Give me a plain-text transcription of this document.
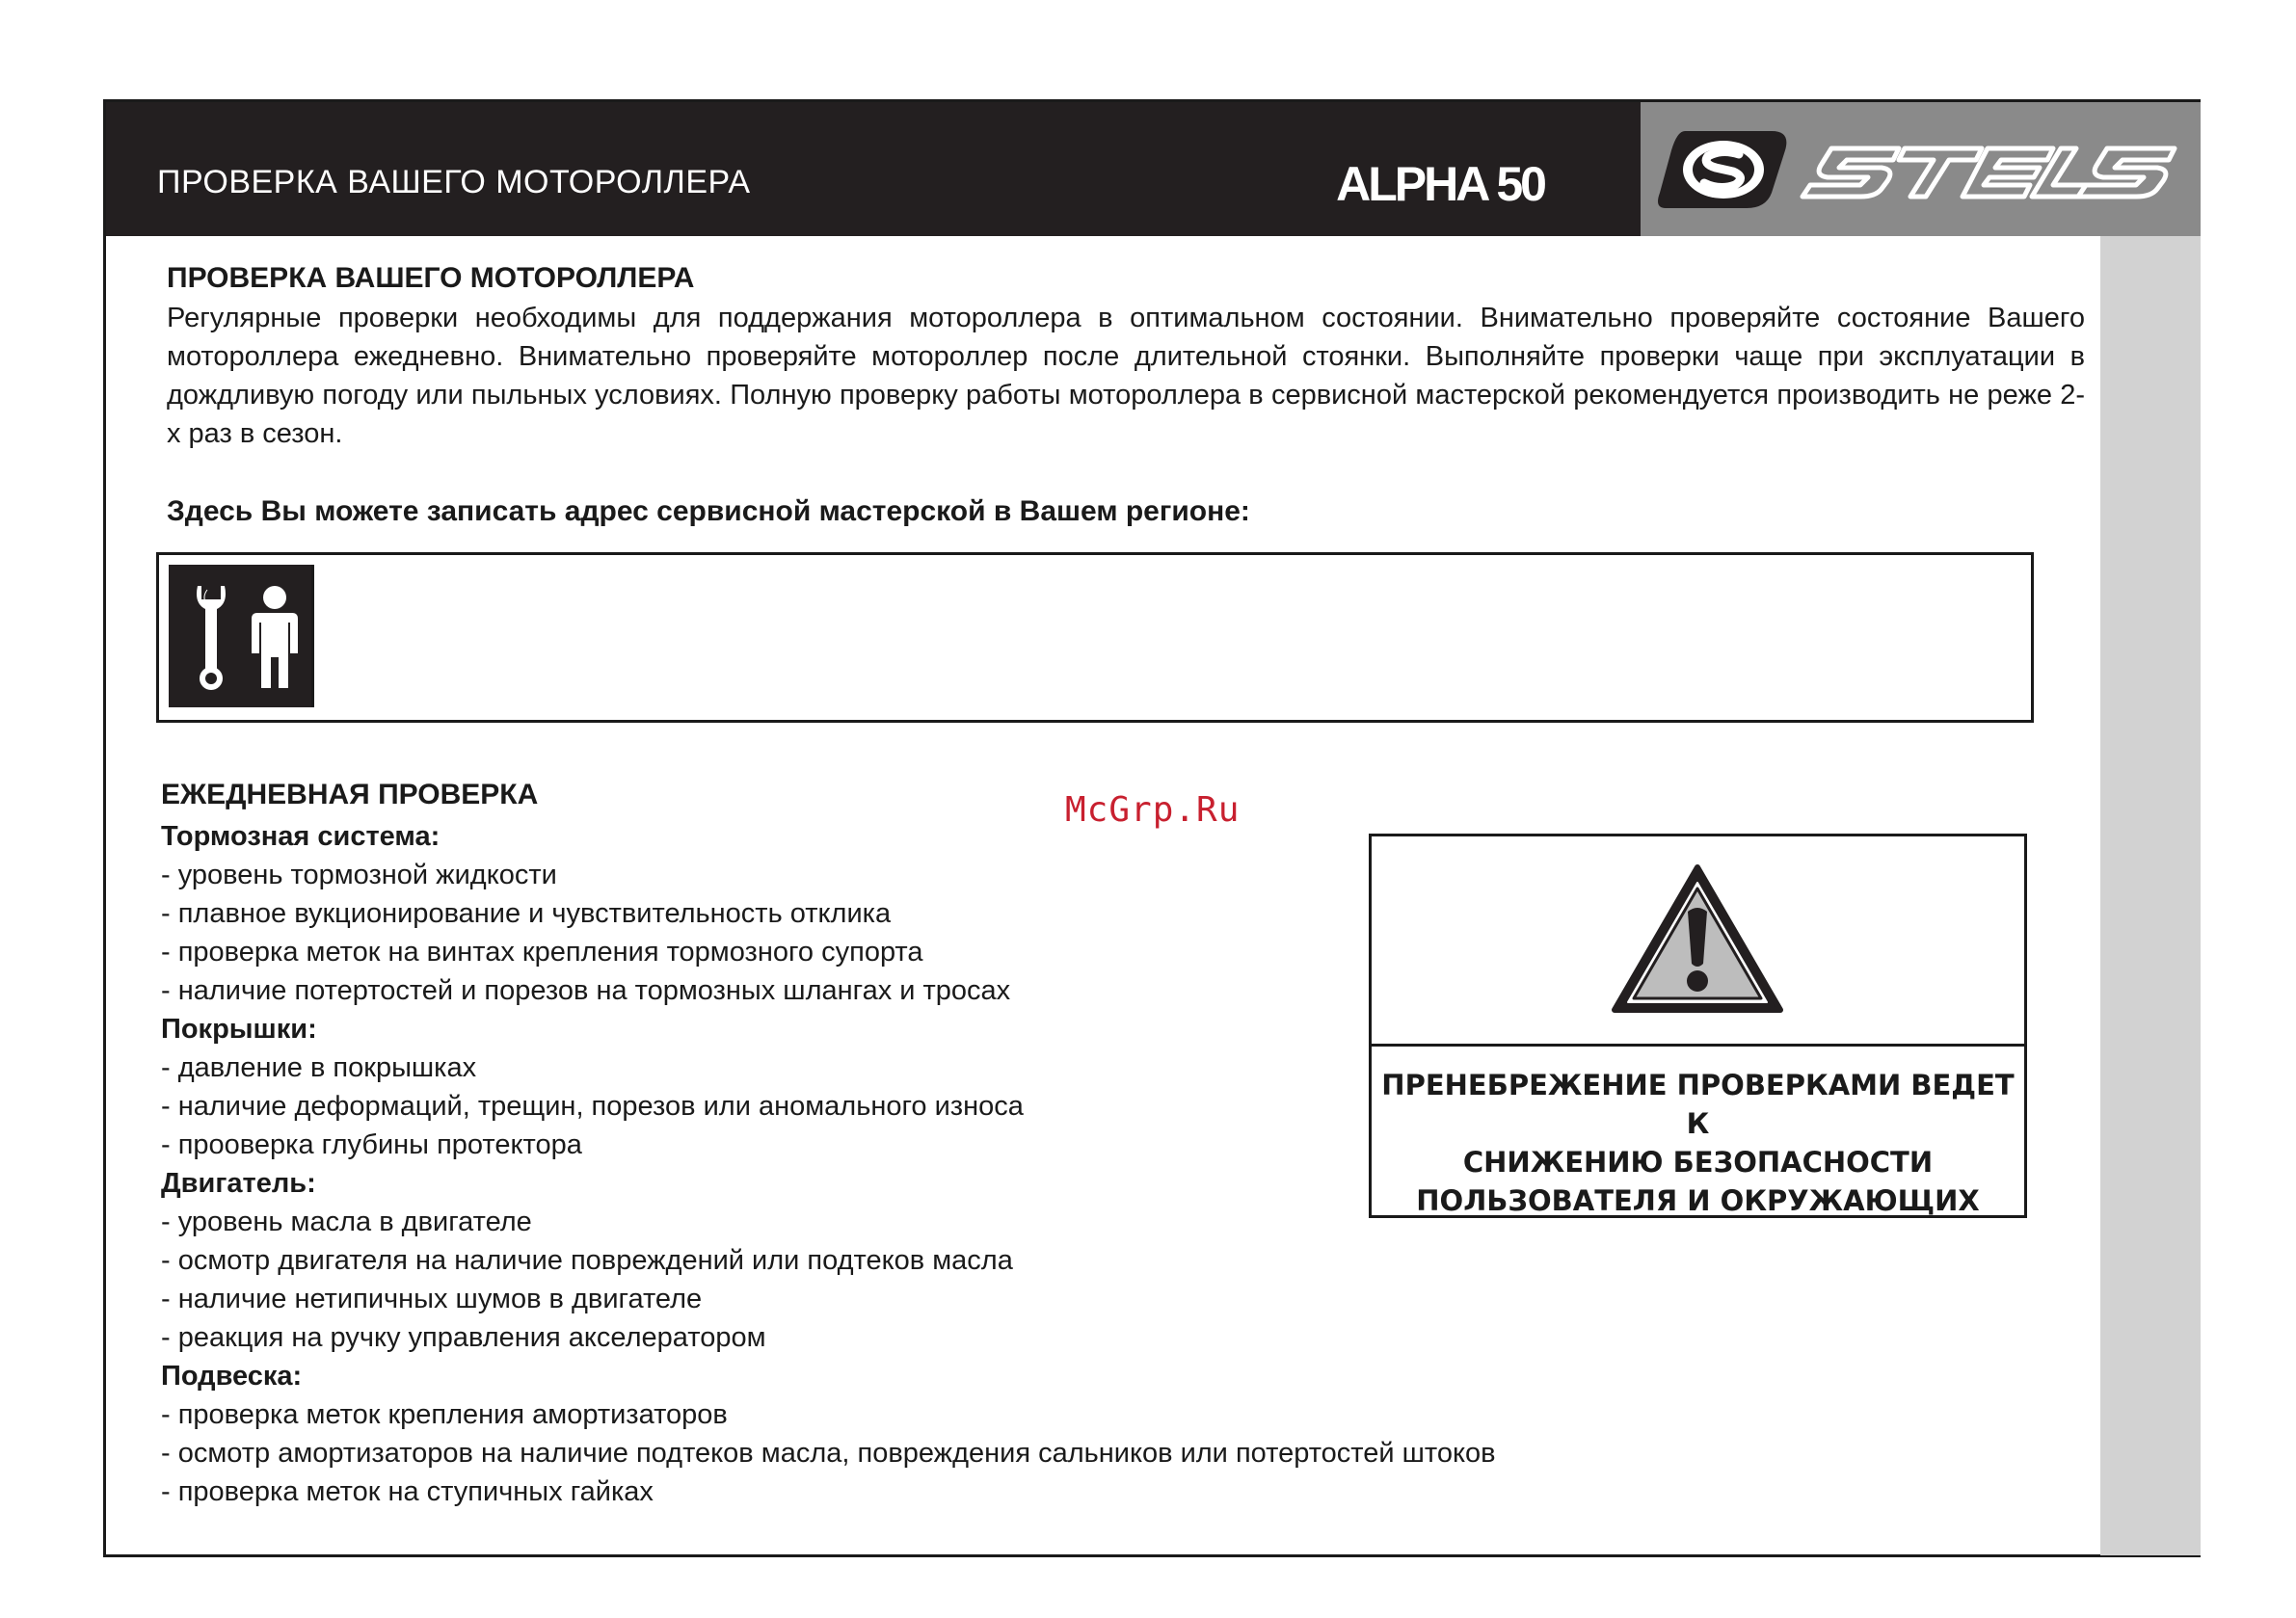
ПРОВЕРКА ВАШЕГО МОТОРОЛЛЕРА	ALPHA 50
ПРОВЕРКА ВАШЕГО МОТОРОЛЛЕРА

Регулярные проверки необходимы для поддержания мотороллера в оптимальном состоянии. Внимательно проверяйте состояние Вашего мотороллера ежедневно. Внимательно проверяйте мотороллер после длительной стоянки. Выполняйте проверки чаще при эксплуатации в дождливую погоду или пыльных условиях. Полную проверку работы мотороллера в сервисной мастерской рекомендуется производить не реже 2-х раз в сезон.

Здесь Вы можете записать адрес сервисной мастерской в Вашем регионе:
ЕЖЕДНЕВНАЯ ПРОВЕРКА
Тормозная система:
- уровень тормозной жидкости
- плавное вукционирование и чувствительность отклика
- проверка меток на винтах крепления тормозного супорта
- наличие потертостей и порезов на тормозных шлангах и тросах
Покрышки:
- давление в покрышках
- наличие деформаций, трещин, порезов или аномального износа
- прооверка глубины протектора
Двигатель:
- уровень масла в двигателе
- осмотр двигателя на наличие повреждений или подтеков масла
- наличие нетипичных шумов в двигателе
- реакция на ручку управления акселератором
Подвеска:
- проверка меток крепления амортизаторов
- осмотр амортизаторов на наличие подтеков масла, повреждения сальников или потертостей штоков
- проверка меток на ступичных гайках
McGrp.Ru
ПРЕНЕБРЕЖЕНИЕ ПРОВЕРКАМИ ВЕДЕТ К
СНИЖЕНИЮ БЕЗОПАСНОСТИ
ПОЛЬЗОВАТЕЛЯ И ОКРУЖАЮЩИХ
